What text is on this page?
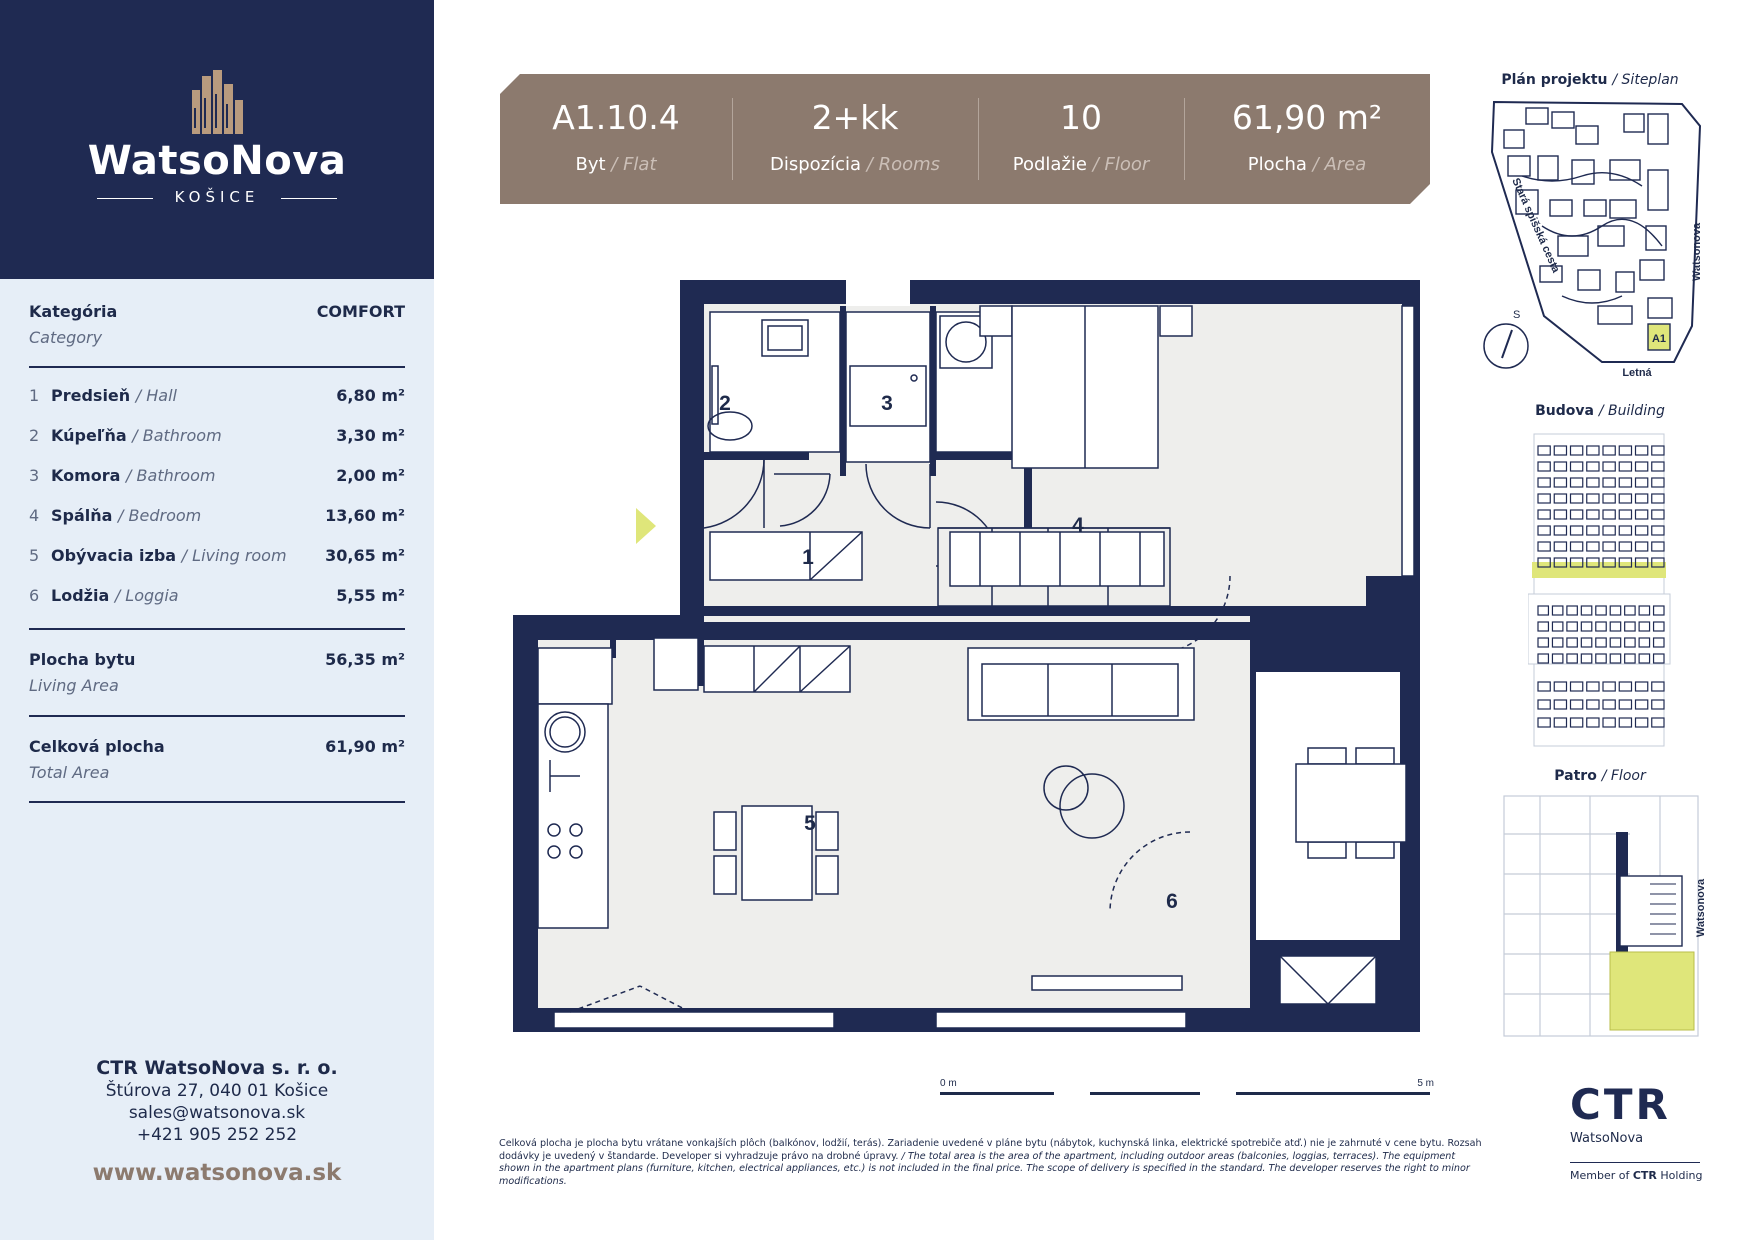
WatsoNova
KOŠICE
Kategória
Category
COMFORT
1 Predsieň / Hall	6,80 m²
2 Kúpeľňa / Bathroom	3,30 m²
3 Komora / Bathroom	2,00 m²
4 Spálňa / Bedroom	13,60 m²
5 Obývacia izba / Living room 30,65 m²
6 Lodžia / Loggia	5,55 m²
Plocha bytu
Living Area
56,35 m²
Celková plocha
Total Area
61,90 m²
CTR WatsoNova s. r. o.
Štúrova 27, 040 01 Košice
sales@watsonova.sk
+421 905 252 252
www.watsonova.sk
A1.10.4
Byt / Flat
2+kk
Dispozícia / Rooms
10
Podlažie / Floor
61,90 m²
Plocha / Area
1
2	3
4
5
6
0 m	5 m
Celková plocha je plocha bytu vrátane vonkajších plôch (balkónov, lodžií, terás). Zariadenie uvedené v pláne bytu (nábytok, kuchynská linka, elektrické spotrebiče atď.) nie je zahrnuté v cene bytu. Rozsah dodávky je uvedený v štandarde. Developer si vyhradzuje právo na drobné úpravy. / The total area is the area of the apartment, including outdoor areas (balconies, loggias, terraces). The equipment shown in the apartment plans (furniture, kitchen, electrical appliances, etc.) is not included in the final price. The scope of delivery is specified in the standard. The developer reserves the right to minor modifications.
Plán projektu / Siteplan
A1
S
Stará spišská cesta	Watsonova
Letná
Budova / Building
Patro / Floor
Watsonova
CTR
WatsoNova
Member of CTR Holding
